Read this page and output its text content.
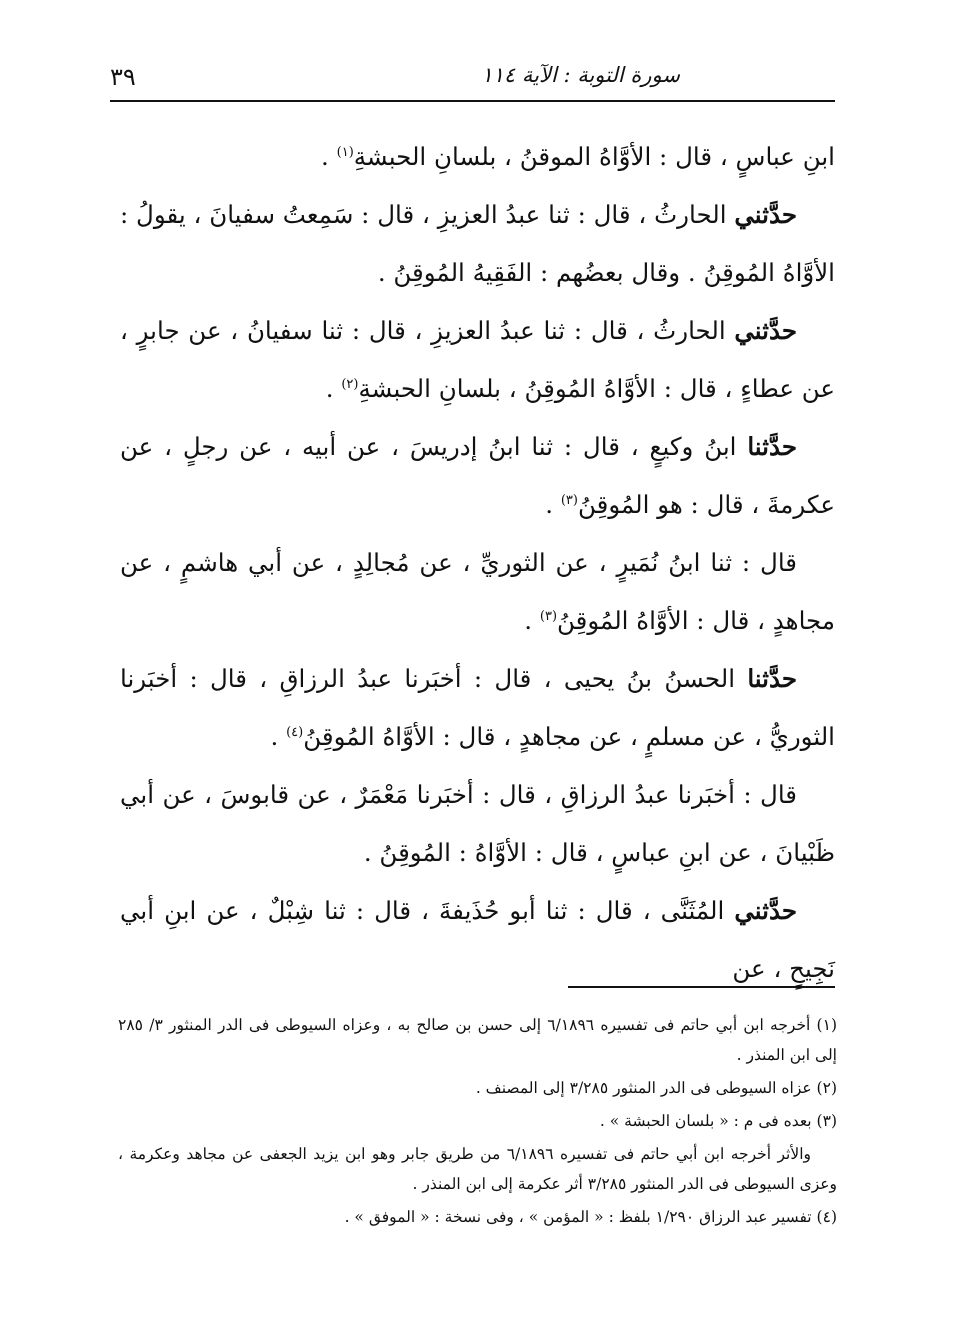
سورة التوبة : الآية ١١٤
٣٩

ابنِ عباسٍ ، قال : الأوَّاهُ الموقنُ ، بلسانِ الحبشةِ$^{(١)}$ .

حدَّثني الحارثُ ، قال : ثنا عبدُ العزيزِ ، قال : سَمِعتُ سفيانَ ، يقولُ : الأوَّاهُ المُوقِنُ . وقال بعضُهم : الفَقِيهُ المُوقِنُ .

حدَّثني الحارثُ ، قال : ثنا عبدُ العزيزِ ، قال : ثنا سفيانُ ، عن جابرٍ ، عن عطاءٍ ، قال : الأوَّاهُ المُوقِنُ ، بلسانِ الحبشةِ$^{(٢)}$ .

حدَّثنا ابنُ وكيعٍ ، قال : ثنا ابنُ إدريسَ ، عن أبيه ، عن رجلٍ ، عن عكرمةَ ، قال : هو المُوقِنُ$^{(٣)}$ .

قال : ثنا ابنُ نُمَيرٍ ، عن الثوريِّ ، عن مُجالِدٍ ، عن أبي هاشمٍ ، عن مجاهدٍ ، قال : الأوَّاهُ المُوقِنُ$^{(٣)}$ .

حدَّثنا الحسنُ بنُ يحيى ، قال : أخبَرنا عبدُ الرزاقِ ، قال : أخبَرنا الثوريُّ ، عن مسلمٍ ، عن مجاهدٍ ، قال : الأوَّاهُ المُوقِنُ$^{(٤)}$ .

قال : أخبَرنا عبدُ الرزاقِ ، قال : أخبَرنا مَعْمَرٌ ، عن قابوسَ ، عن أبي ظَبْيانَ ، عن ابنِ عباسٍ ، قال : الأوَّاهُ : المُوقِنُ .

حدَّثني المُثَنَّى ، قال : ثنا أبو حُذَيفةَ ، قال : ثنا شِبْلٌ ، عن ابنِ أبي نَجِيحٍ ، عن

(١) أخرجه ابن أبي حاتم فى تفسيره ٦/١٨٩٦ إلى حسن بن صالح به ، وعزاه السيوطى فى الدر المنثور ٣/ ٢٨٥ إلى ابن المنذر .

(٢) عزاه السيوطى فى الدر المنثور ٣/٢٨٥ إلى المصنف .

(٣) بعده فى م : « بلسان الحبشة » .

والأثر أخرجه ابن أبي حاتم فى تفسيره ٦/١٨٩٦ من طريق جابر وهو ابن يزيد الجعفى عن مجاهد وعكرمة ، وعزى السيوطى فى الدر المنثور ٣/٢٨٥ أثر عكرمة إلى ابن المنذر .

(٤) تفسير عبد الرزاق ١/٢٩٠ بلفظ : « المؤمن » ، وفى نسخة : « الموفق » .
